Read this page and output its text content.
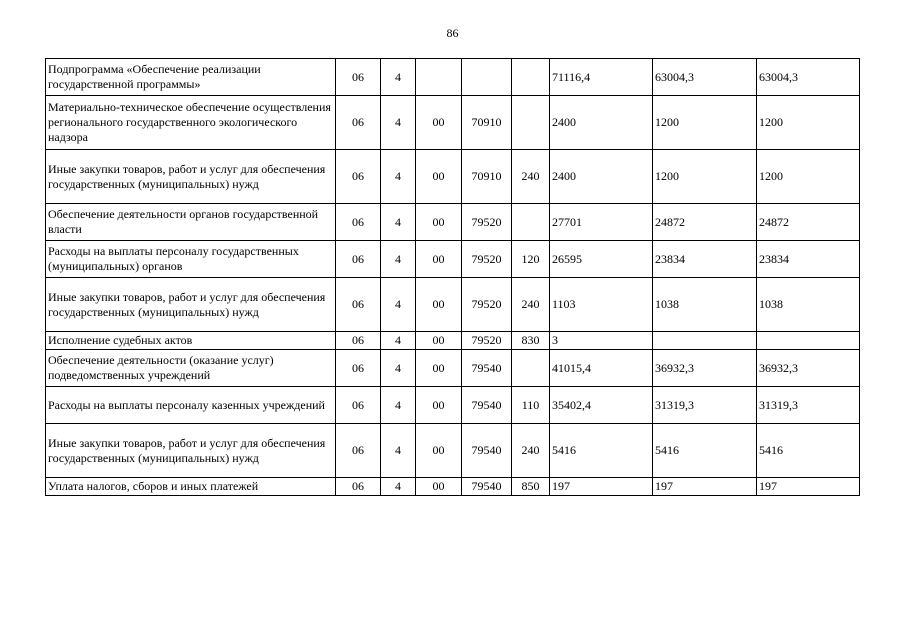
86
Подпрограмма «Обеспечение реализации государственной программы»	06	4				71116,4	63004,3	63004,3
Материально-техническое обеспечение осуществления регионального государственного экологического надзора	06	4	00	70910		2400	1200	1200
Иные закупки товаров, работ и услуг для обеспечения государственных (муниципальных) нужд	06	4	00	70910	240	2400	1200	1200
Обеспечение деятельности органов государственной власти	06	4	00	79520		27701	24872	24872
Расходы на выплаты персоналу государственных (муниципальных) органов	06	4	00	79520	120	26595	23834	23834
Иные закупки товаров, работ и услуг для обеспечения государственных (муниципальных) нужд	06	4	00	79520	240	1103	1038	1038
Исполнение судебных актов	06	4	00	79520	830	3		
Обеспечение деятельности (оказание услуг) подведомственных учреждений	06	4	00	79540		41015,4	36932,3	36932,3
Расходы на выплаты персоналу казенных учреждений	06	4	00	79540	110	35402,4	31319,3	31319,3
Иные закупки товаров, работ и услуг для обеспечения государственных (муниципальных) нужд	06	4	00	79540	240	5416	5416	5416
Уплата налогов, сборов и иных платежей	06	4	00	79540	850	197	197	197
